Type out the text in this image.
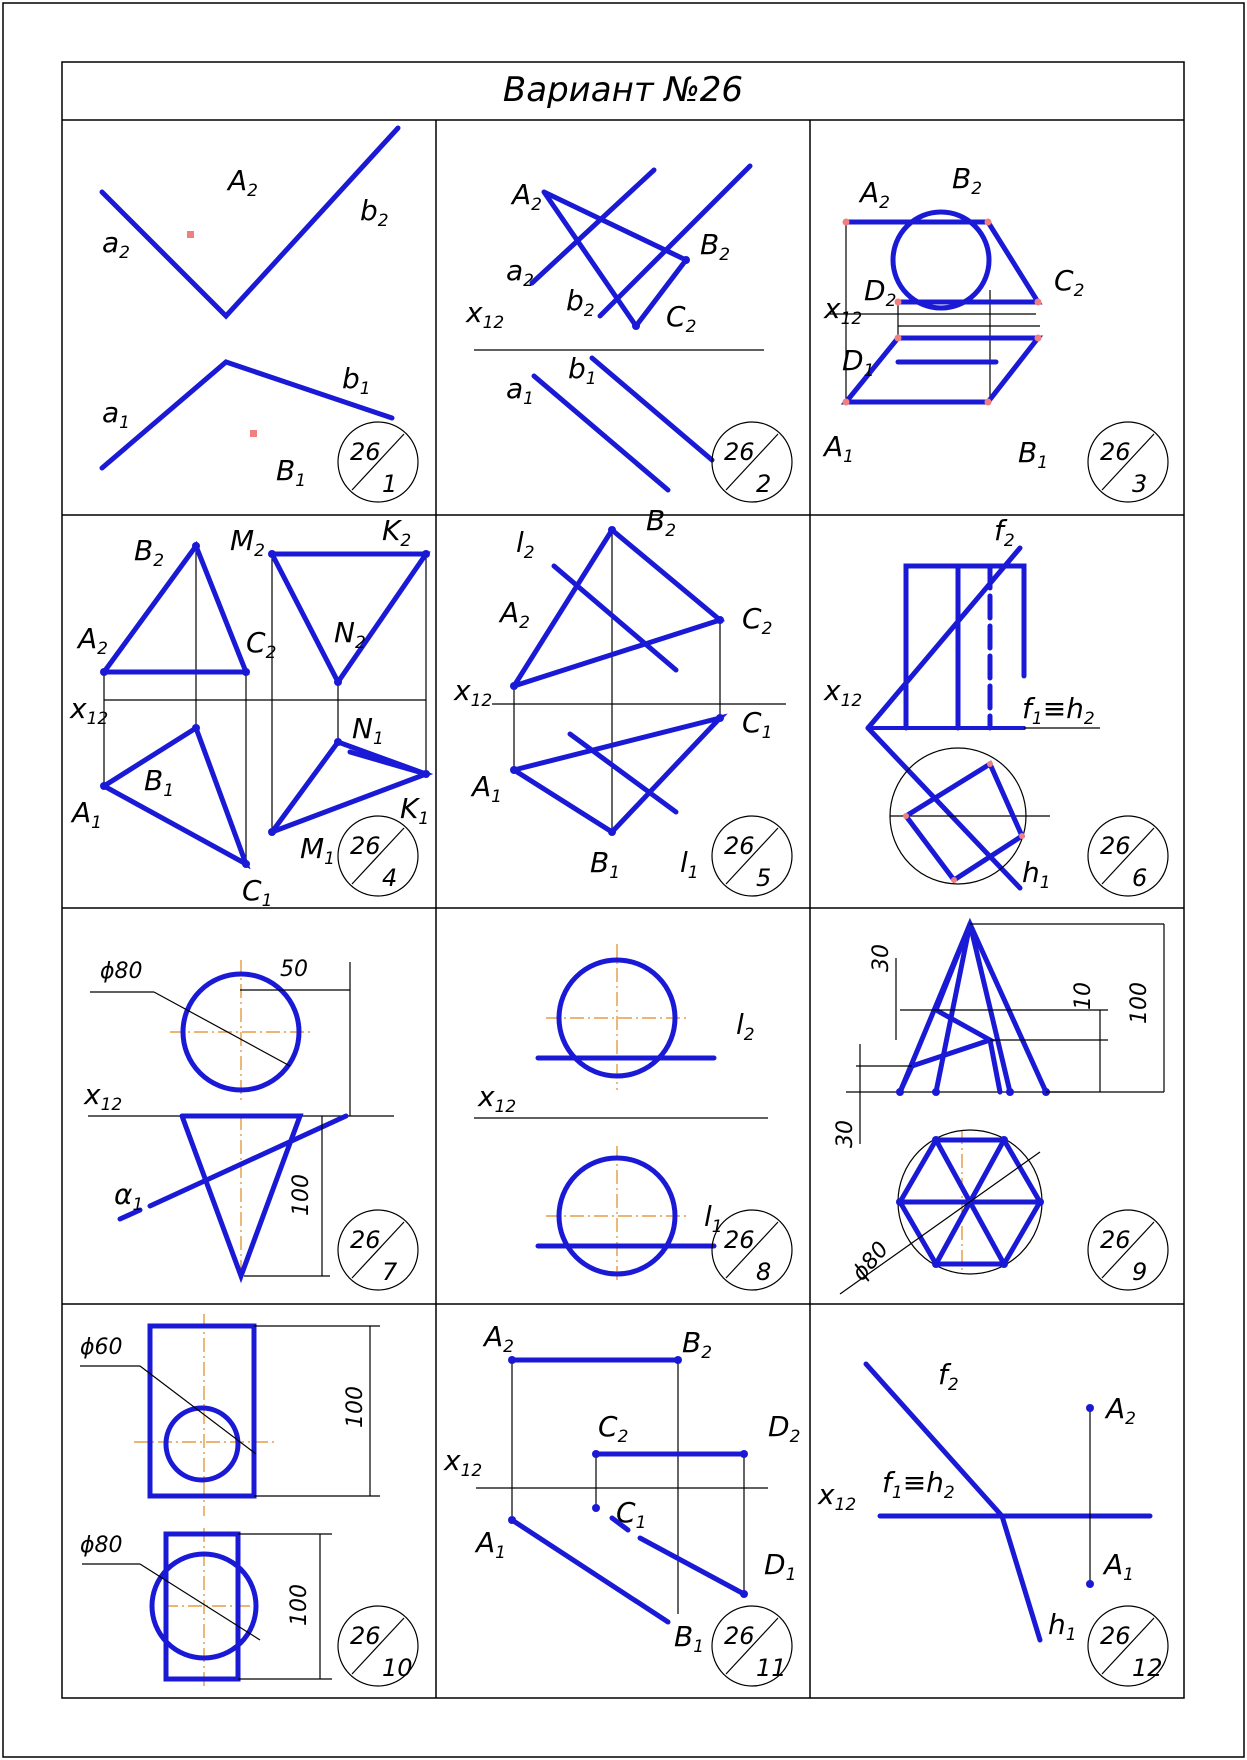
Вариант №26
$a_2$
$A_2$
$b_2$
$a_1$
$b_1$
$B_1$
$A_2$
$B_2$
$C_2$
$a_2$
$b_2$
$x_{12}$
$a_1$
$b_1$
$A_2$
$B_2$
$C_2$
$D_2$
$x_{12}$
$D_1$
$A_1$	$B_1$
$B_2$
$M_2$
$K_2$
$A_2$	$C_2$
$N_2$
$x_{12}$	$N_1$
$B_1$
$A_1$
$M_1$
$K_1$
$C_1$
$l_2$
$B_2$
$A_2$	$C_2$
$x_{12}$
$C_1$
$A_1$
$B_1$ $l_1$
$f_2$
$x_{12}$	$f_1\equiv h_2$
$h_1$
ϕ80	50
$x_{12}$
$\alpha_1$	100
$l_2$
$x_{12}$
$l_1$
30
10 100
30
ϕ80
ϕ60
ϕ80
100
100
$A_2$	$B_2$
$C_2$	$D_2$
$x_{12}$
$C_1$
$A_1$	$D_1$
$B_1$
$f_2$
$A_2$
$x_{12}$
$f_1\equiv h_2$
$A_1$
$h_1$
26
1
26
2
26
3
26
4
26
5
26
6
26
7
26
8
26
9
26
10
26
11
26
12
